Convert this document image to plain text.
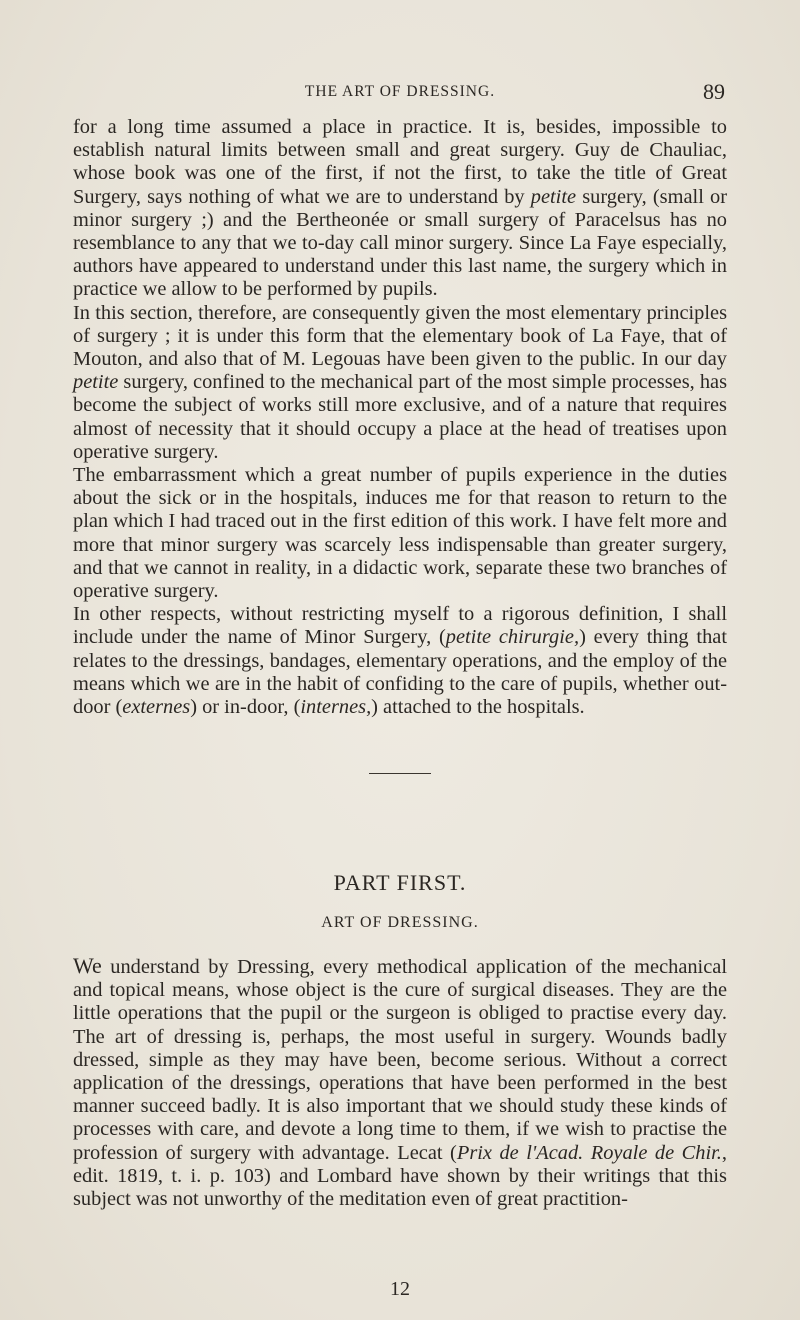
THE ART OF DRESSING.	89

for a long time assumed a place in practice. It is, besides, impossible to establish natural limits between small and great surgery. Guy de Chauliac, whose book was one of the first, if not the first, to take the title of Great Surgery, says nothing of what we are to understand by petite surgery, (small or minor surgery ;) and the Bertheonée or small surgery of Paracelsus has no resemblance to any that we to-day call minor surgery. Since La Faye especially, authors have appeared to understand under this last name, the surgery which in practice we allow to be performed by pupils.

In this section, therefore, are consequently given the most elementary principles of surgery ; it is under this form that the elementary book of La Faye, that of Mouton, and also that of M. Legouas have been given to the public. In our day petite surgery, confined to the mechanical part of the most simple processes, has become the subject of works still more exclusive, and of a nature that requires almost of necessity that it should occupy a place at the head of treatises upon operative surgery.

The embarrassment which a great number of pupils experience in the duties about the sick or in the hospitals, induces me for that reason to return to the plan which I had traced out in the first edition of this work. I have felt more and more that minor surgery was scarcely less indispensable than greater surgery, and that we cannot in reality, in a didactic work, separate these two branches of operative surgery.

In other respects, without restricting myself to a rigorous definition, I shall include under the name of Minor Surgery, (petite chirurgie,) every thing that relates to the dressings, bandages, elementary operations, and the employ of the means which we are in the habit of confiding to the care of pupils, whether out-door (externes) or in-door, (internes,) attached to the hospitals.

PART FIRST.
ART OF DRESSING.

We understand by Dressing, every methodical application of the mechanical and topical means, whose object is the cure of surgical diseases. They are the little operations that the pupil or the surgeon is obliged to practise every day. The art of dressing is, perhaps, the most useful in surgery. Wounds badly dressed, simple as they may have been, become serious. Without a correct application of the dressings, operations that have been performed in the best manner succeed badly. It is also important that we should study these kinds of processes with care, and devote a long time to them, if we wish to practise the profession of surgery with advantage. Lecat (Prix de l'Acad. Royale de Chir., edit. 1819, t. i. p. 103) and Lombard have shown by their writings that this subject was not unworthy of the meditation even of great practition-

12
